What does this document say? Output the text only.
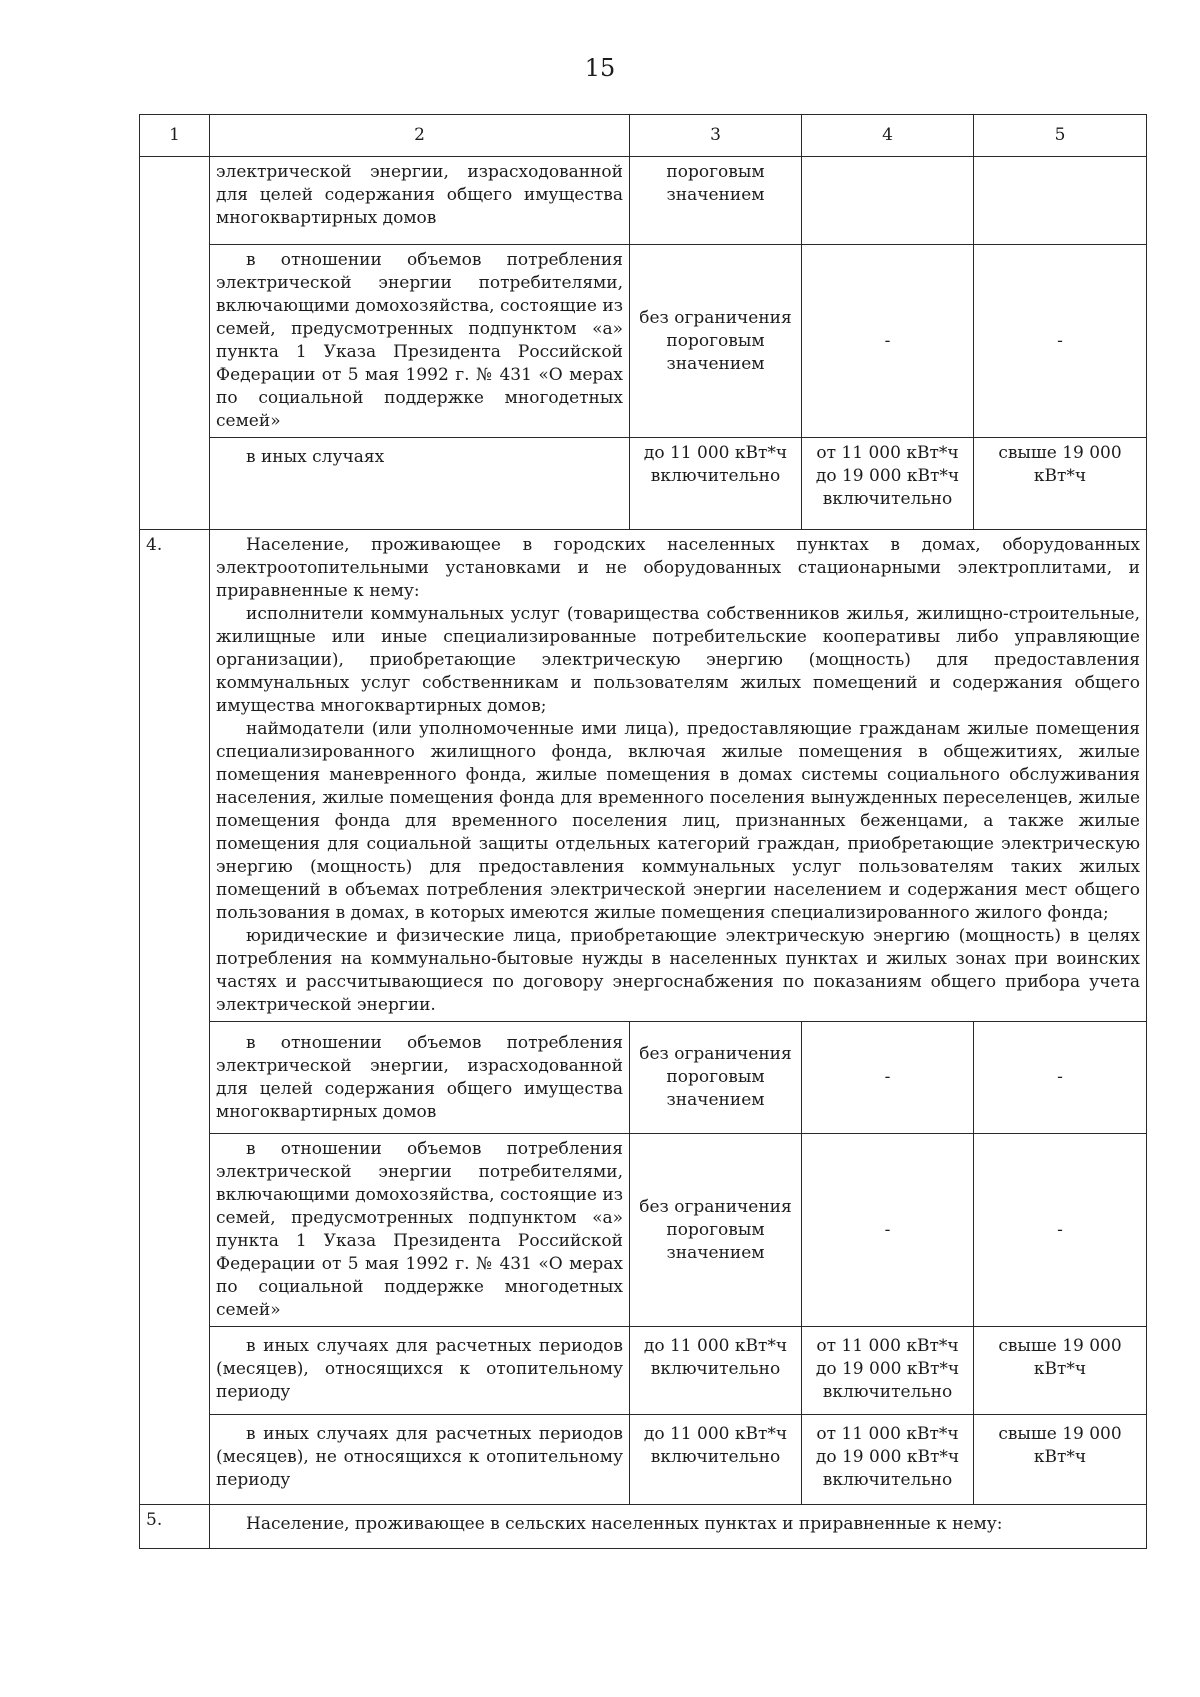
15
1	2	3	4	5
	электрической энергии, израсходованной для целей содержания общего имущества многоквартирных домов	пороговым значением		
	в отношении объемов потребления электрической энергии потребителями, включающими домохозяйства, состоящие из семей, предусмотренных подпунктом «а» пункта 1 Указа Президента Российской Федерации от 5 мая 1992 г. № 431 «О мерах по социальной поддержке многодетных семей»	без ограничения пороговым значением	-	-
	в иных случаях	до 11 000 кВт*ч включительно	от 11 000 кВт*ч до 19 000 кВт*ч включительно	свыше 19 000 кВт*ч
4.	Население, проживающее в городских населенных пунктах в домах, оборудованных электроотопительными установками и не оборудованных стационарными электроплитами, и приравненные к нему:

исполнители коммунальных услуг (товарищества собственников жилья, жилищно-строительные, жилищные или иные специализированные потребительские кооперативы либо управляющие организации), приобретающие электрическую энергию (мощность) для предоставления коммунальных услуг собственникам и пользователям жилых помещений и содержания общего имущества многоквартирных домов;

наймодатели (или уполномоченные ими лица), предоставляющие гражданам жилые помещения специализированного жилищного фонда, включая жилые помещения в общежитиях, жилые помещения маневренного фонда, жилые помещения в домах системы социального обслуживания населения, жилые помещения фонда для временного поселения вынужденных переселенцев, жилые помещения фонда для временного поселения лиц, признанных беженцами, а также жилые помещения для социальной защиты отдельных категорий граждан, приобретающие электрическую энергию (мощность) для предоставления коммунальных услуг пользователям таких жилых помещений в объемах потребления электрической энергии населением и содержания мест общего пользования в домах, в которых имеются жилые помещения специализированного жилого фонда;

юридические и физические лица, приобретающие электрическую энергию (мощность) в целях потребления на коммунально-бытовые нужды в населенных пунктах и жилых зонах при воинских частях и рассчитывающиеся по договору энергоснабжения по показаниям общего прибора учета электрической энергии.			

	в отношении объемов потребления электрической энергии, израсходованной для целей содержания общего имущества многоквартирных домов	без ограничения пороговым значением	-	-
	в отношении объемов потребления электрической энергии потребителями, включающими домохозяйства, состоящие из семей, предусмотренных подпунктом «а» пункта 1 Указа Президента Российской Федерации от 5 мая 1992 г. № 431 «О мерах по социальной поддержке многодетных семей»	без ограничения пороговым значением	-	-
	в иных случаях для расчетных периодов (месяцев), относящихся к отопительному периоду	до 11 000 кВт*ч включительно	от 11 000 кВт*ч до 19 000 кВт*ч включительно	свыше 19 000 кВт*ч
	в иных случаях для расчетных периодов (месяцев), не относящихся к отопительному периоду	до 11 000 кВт*ч включительно	от 11 000 кВт*ч до 19 000 кВт*ч включительно	свыше 19 000 кВт*ч
5.	Население, проживающее в сельских населенных пунктах и приравненные к нему:			
